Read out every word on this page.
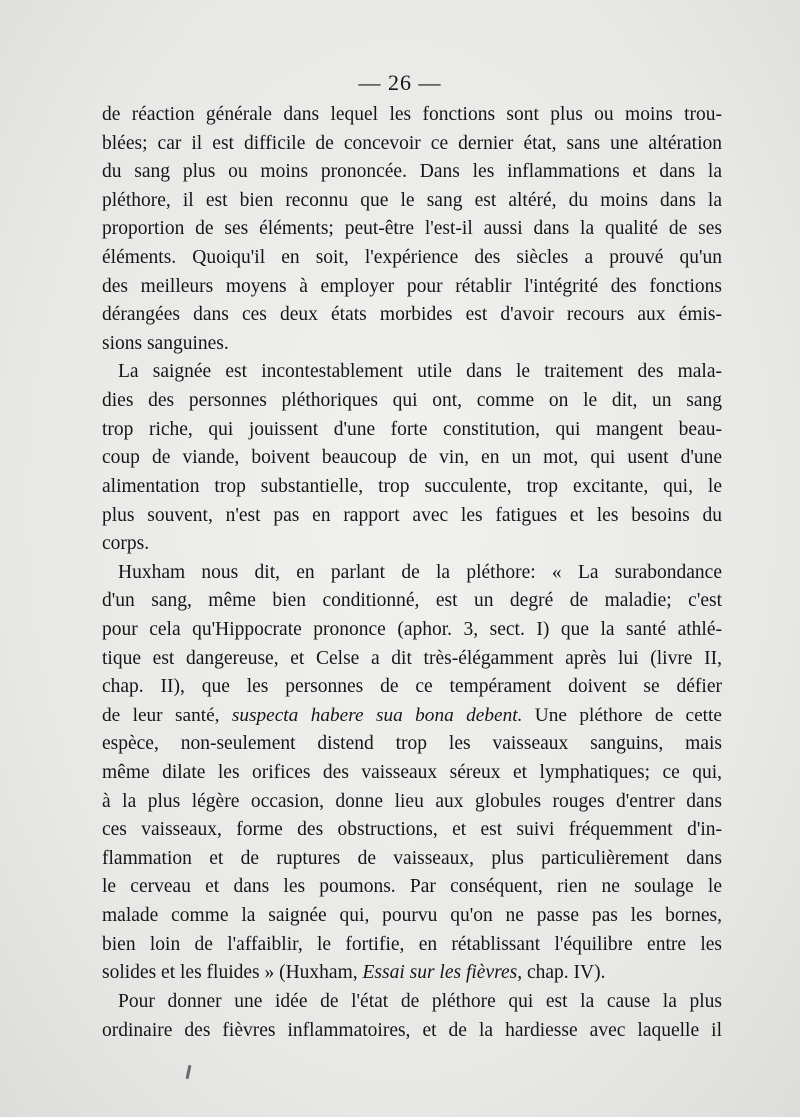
— 26 —
de réaction générale dans lequel les fonctions sont plus ou moins trou-
blées; car il est difficile de concevoir ce dernier état, sans une altération
du sang plus ou moins prononcée. Dans les inflammations et dans la
pléthore, il est bien reconnu que le sang est altéré, du moins dans la
proportion de ses éléments; peut-être l'est-il aussi dans la qualité de ses
éléments. Quoiqu'il en soit, l'expérience des siècles a prouvé qu'un
des meilleurs moyens à employer pour rétablir l'intégrité des fonctions
dérangées dans ces deux états morbides est d'avoir recours aux émis-
sions sanguines.
La saignée est incontestablement utile dans le traitement des mala-
dies des personnes pléthoriques qui ont, comme on le dit, un sang
trop riche, qui jouissent d'une forte constitution, qui mangent beau-
coup de viande, boivent beaucoup de vin, en un mot, qui usent d'une
alimentation trop substantielle, trop succulente, trop excitante, qui, le
plus souvent, n'est pas en rapport avec les fatigues et les besoins du
corps.
Huxham nous dit, en parlant de la pléthore: « La surabondance
d'un sang, même bien conditionné, est un degré de maladie; c'est
pour cela qu'Hippocrate prononce (aphor. 3, sect. I) que la santé athlé-
tique est dangereuse, et Celse a dit très-élégamment après lui (livre II,
chap. II), que les personnes de ce tempérament doivent se défier
de leur santé, suspecta habere sua bona debent. Une pléthore de cette
espèce, non-seulement distend trop les vaisseaux sanguins, mais
même dilate les orifices des vaisseaux séreux et lymphatiques; ce qui,
à la plus légère occasion, donne lieu aux globules rouges d'entrer dans
ces vaisseaux, forme des obstructions, et est suivi fréquemment d'in-
flammation et de ruptures de vaisseaux, plus particulièrement dans
le cerveau et dans les poumons. Par conséquent, rien ne soulage le
malade comme la saignée qui, pourvu qu'on ne passe pas les bornes,
bien loin de l'affaiblir, le fortifie, en rétablissant l'équilibre entre les
solides et les fluides » (Huxham, Essai sur les fièvres, chap. IV).
Pour donner une idée de l'état de pléthore qui est la cause la plus
ordinaire des fièvres inflammatoires, et de la hardiesse avec laquelle il
